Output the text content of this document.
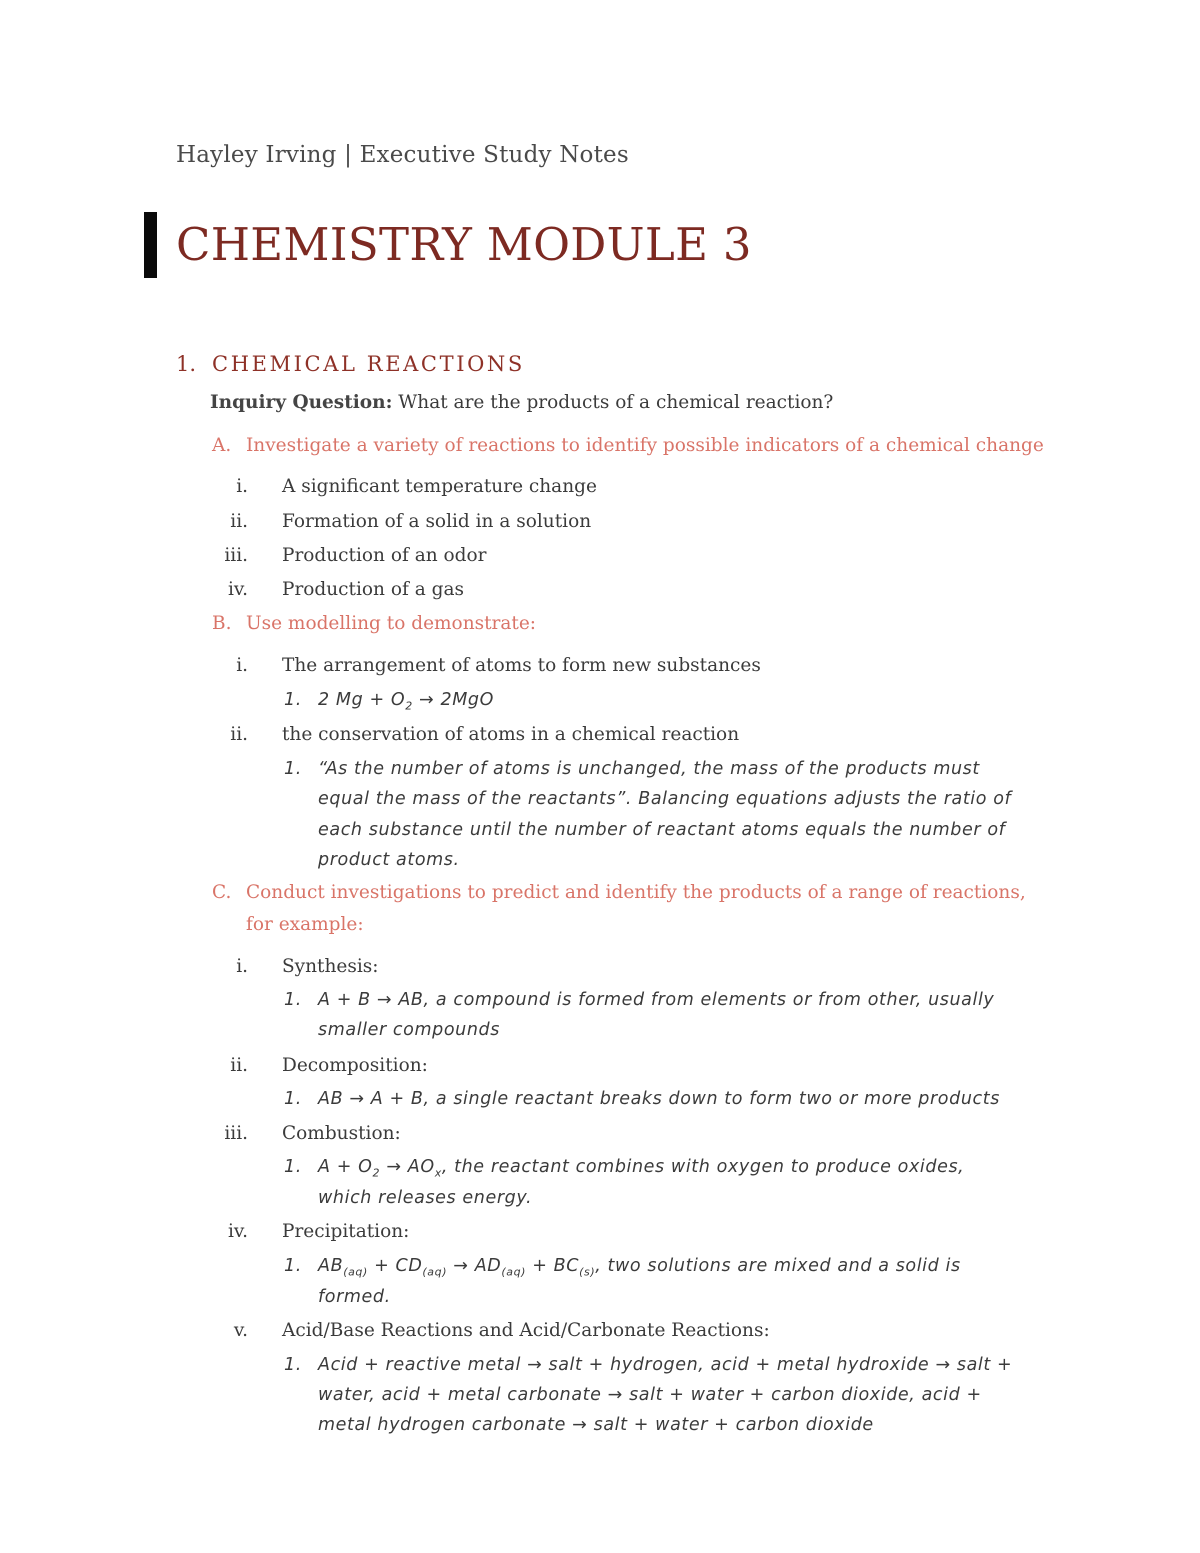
Hayley Irving | Executive Study Notes
CHEMISTRY MODULE 3
1. CHEMICAL REACTIONS
Inquiry Question: What are the products of a chemical reaction?
A. Investigate a variety of reactions to identify possible indicators of a chemical change
i. A significant temperature change
ii. Formation of a solid in a solution
iii. Production of an odor
iv. Production of a gas
B. Use modelling to demonstrate:
i. The arrangement of atoms to form new substances
1. 2 $Mg + O_2 \to 2MgO$
ii. the conservation of atoms in a chemical reaction
1. “As the number of atoms is unchanged, the mass of the products must
equal the mass of the reactants”. Balancing equations adjusts the ratio of
each substance until the number of reactant atoms equals the number of
product atoms.
C. Conduct investigations to predict and identify the products of a range of reactions,
for example:
i. Synthesis:
1. A + B → AB, a compound is formed from elements or from other, usually
smaller compounds
ii. Decomposition:
1. AB → A + B, a single reactant breaks down to form two or more products
iii. Combustion:
1. $A + O_2 \to AO_x$, the reactant combines with oxygen to produce oxides,
which releases energy.
iv. Precipitation:
1. $AB_{(aq)} + CD_{(aq)} \to AD_{(aq)} + BC_{(s)}$, two solutions are mixed and a solid is
formed.
v. Acid/Base Reactions and Acid/Carbonate Reactions:
1. Acid + reactive metal → salt + hydrogen, acid + metal hydroxide → salt +
water, acid + metal carbonate → salt + water + carbon dioxide, acid +
metal hydrogen carbonate → salt + water + carbon dioxide
